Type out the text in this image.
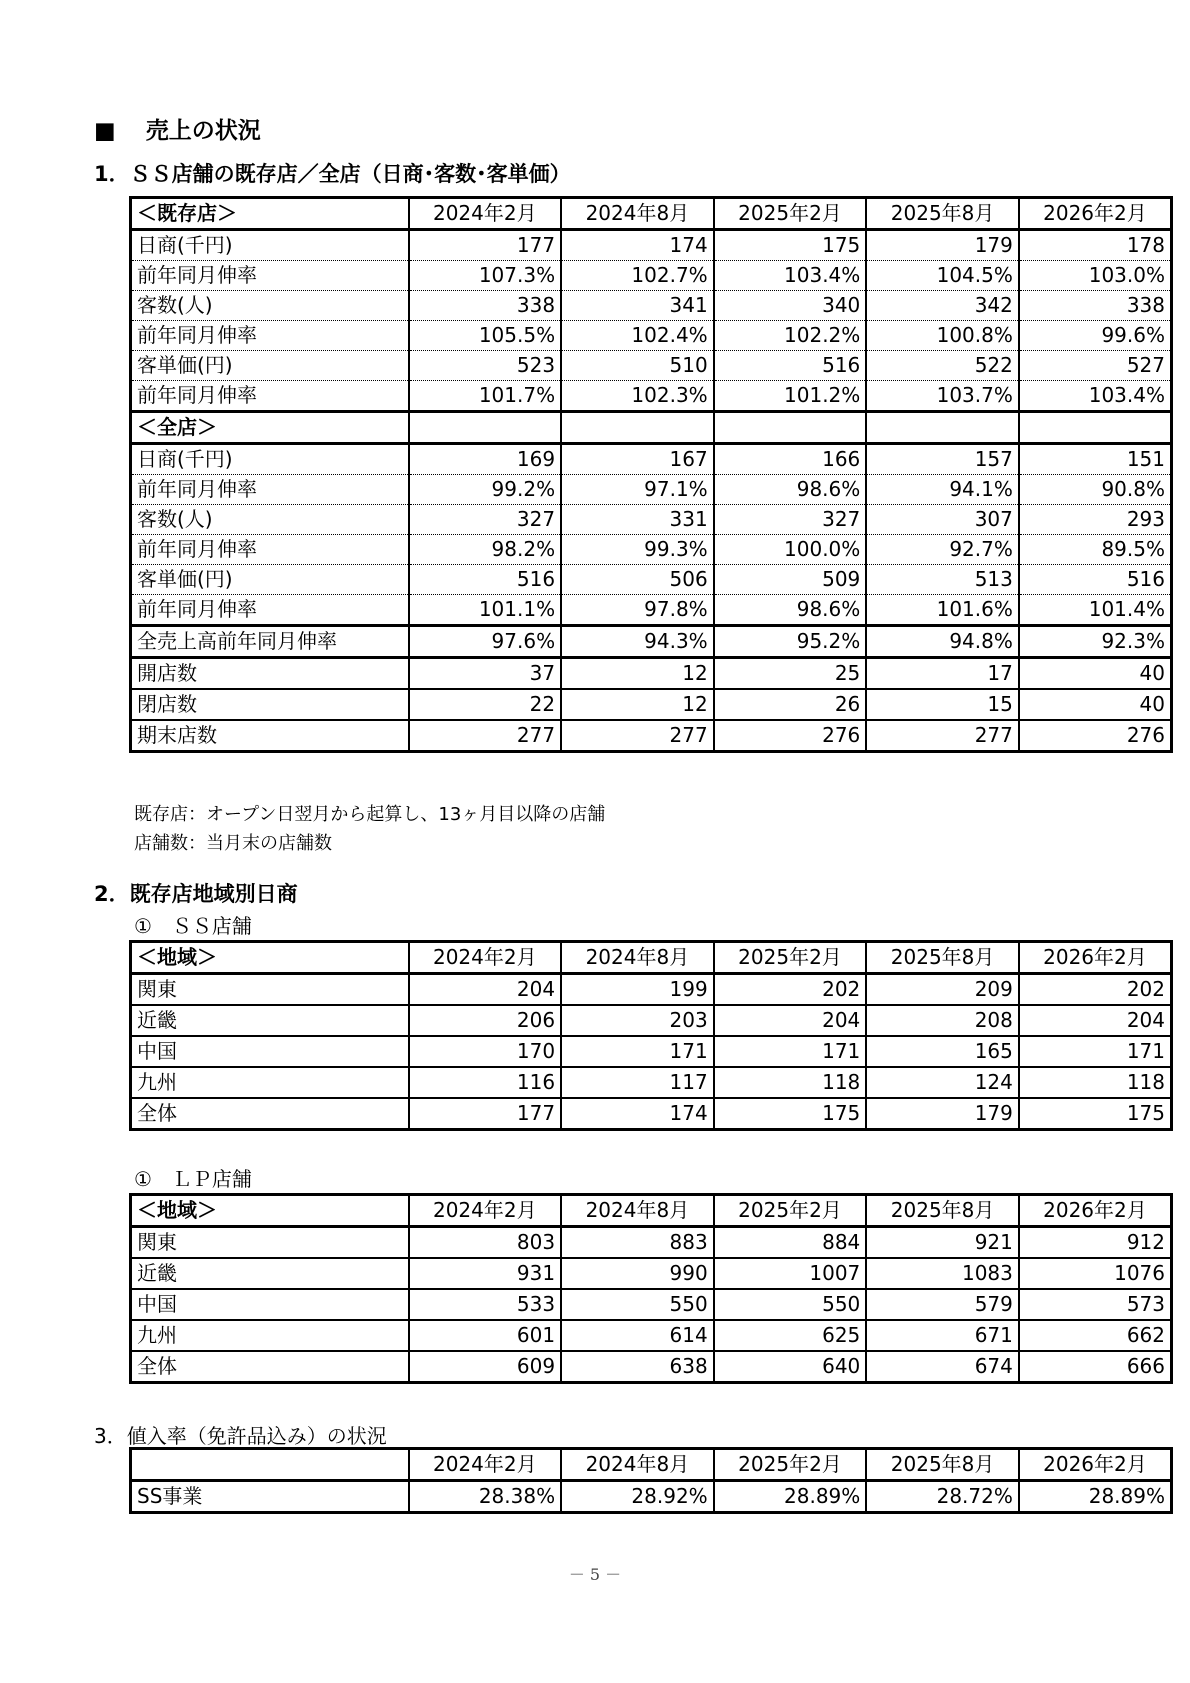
■ 売上の状況
1．ＳＳ店舗の既存店／全店（日商･客数･客単価）
＜既存店＞	2024年2月	2024年8月	2025年2月	2025年8月	2026年2月
日商(千円)	177	174	175	179	178
前年同月伸率	107.3%	102.7%	103.4%	104.5%	103.0%
客数(人)	338	341	340	342	338
前年同月伸率	105.5%	102.4%	102.2%	100.8%	99.6%
客単価(円)	523	510	516	522	527
前年同月伸率	101.7%	102.3%	101.2%	103.7%	103.4%
＜全店＞					
日商(千円)	169	167	166	157	151
前年同月伸率	99.2%	97.1%	98.6%	94.1%	90.8%
客数(人)	327	331	327	307	293
前年同月伸率	98.2%	99.3%	100.0%	92.7%	89.5%
客単価(円)	516	506	509	513	516
前年同月伸率	101.1%	97.8%	98.6%	101.6%	101.4%
全売上高前年同月伸率	97.6%	94.3%	95.2%	94.8%	92.3%
開店数	37	12	25	17	40
閉店数	22	12	26	15	40
期末店数	277	277	276	277	276
既存店：オープン日翌月から起算し、13ヶ月目以降の店舗
店舗数：当月末の店舗数
2．既存店地域別日商
①　ＳＳ店舗
＜地域＞	2024年2月	2024年8月	2025年2月	2025年8月	2026年2月
関東	204	199	202	209	202
近畿	206	203	204	208	204
中国	170	171	171	165	171
九州	116	117	118	124	118
全体	177	174	175	179	175
①　ＬＰ店舗
＜地域＞	2024年2月	2024年8月	2025年2月	2025年8月	2026年2月
関東	803	883	884	921	912
近畿	931	990	1007	1083	1076
中国	533	550	550	579	573
九州	601	614	625	671	662
全体	609	638	640	674	666
3．値入率（免許品込み）の状況
	2024年2月	2024年8月	2025年2月	2025年8月	2026年2月
SS事業	28.38%	28.92%	28.89%	28.72%	28.89%
－ 5 －
